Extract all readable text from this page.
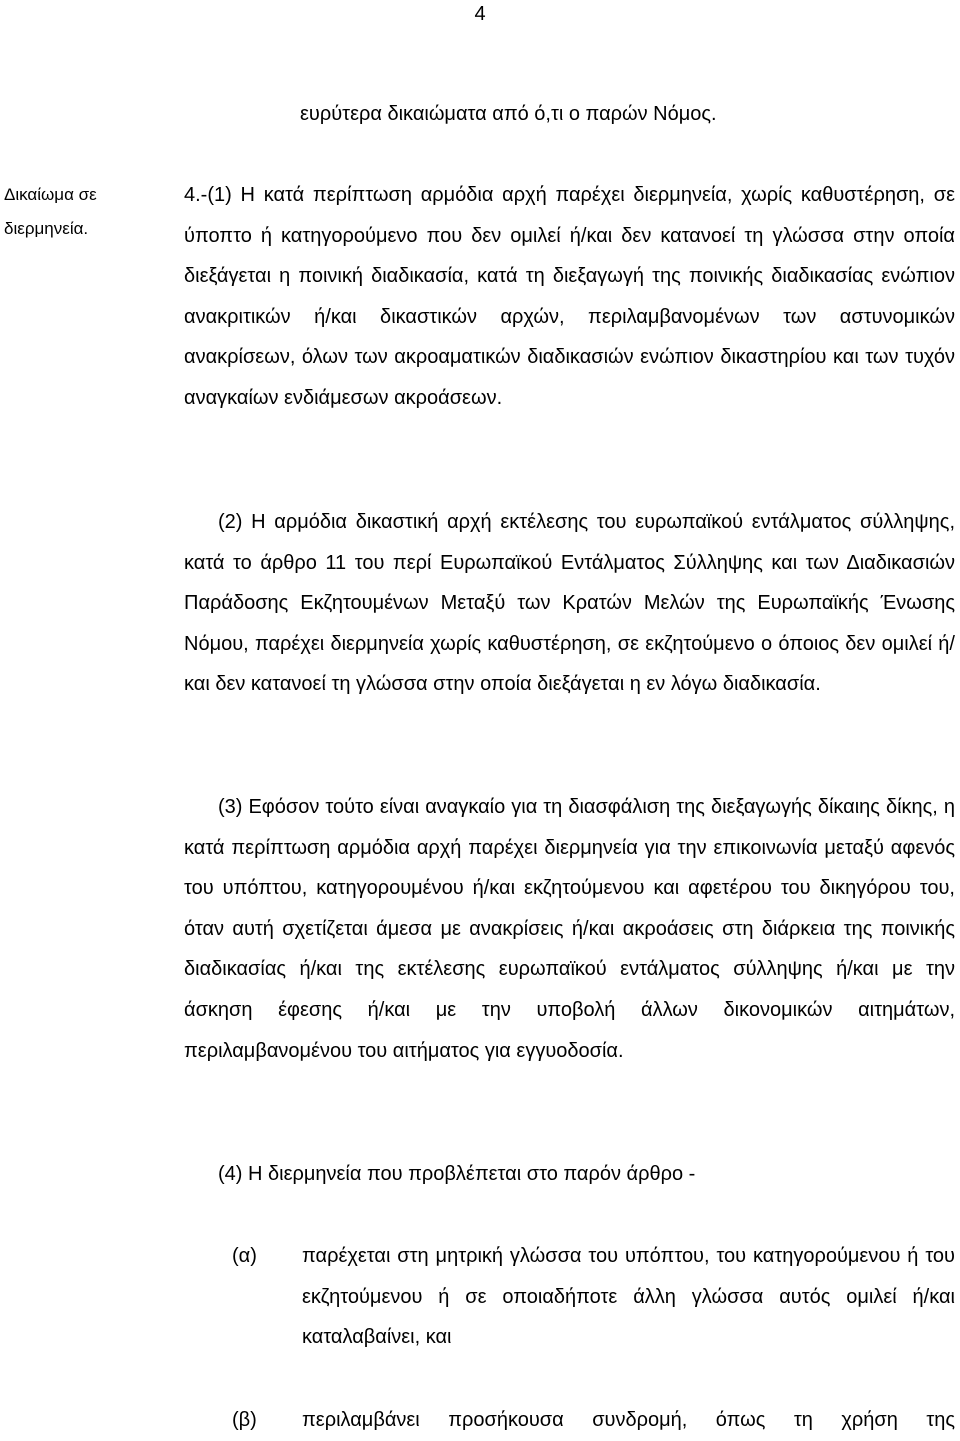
4
ευρύτερα δικαιώματα από ό,τι ο παρών Νόμος.
Δικαίωμα σε διερμηνεία.
4.-(1) Η κατά περίπτωση αρμόδια αρχή παρέχει διερμηνεία, χωρίς καθυστέρηση, σε ύποπτο ή κατηγορούμενο που δεν ομιλεί ή/και δεν κατανοεί τη γλώσσα στην οποία διεξάγεται η ποινική διαδικασία, κατά τη διεξαγωγή της ποινικής διαδικασίας ενώπιον ανακριτικών ή/και δικαστικών αρχών, περιλαμβανομένων των αστυνομικών ανακρίσεων, όλων των ακροαματικών διαδικασιών ενώπιον δικαστηρίου και των τυχόν αναγκαίων ενδιάμεσων ακροάσεων.
(2) Η αρμόδια δικαστική αρχή εκτέλεσης του ευρωπαϊκού εντάλματος σύλληψης, κατά το άρθρο 11 του περί Ευρωπαϊκού Εντάλματος Σύλληψης και των Διαδικασιών Παράδοσης Εκζητουμένων Μεταξύ των Κρατών Μελών της Ευρωπαϊκής Ένωσης Νόμου, παρέχει διερμηνεία χωρίς καθυστέρηση, σε εκζητούμενο ο όποιος δεν ομιλεί ή/και δεν κατανοεί τη γλώσσα στην οποία διεξάγεται η εν λόγω διαδικασία.
(3) Εφόσον τούτο είναι αναγκαίο για τη διασφάλιση της διεξαγωγής δίκαιης δίκης, η κατά περίπτωση αρμόδια αρχή παρέχει διερμηνεία για την επικοινωνία μεταξύ αφενός του υπόπτου, κατηγορουμένου ή/και εκζητούμενου και αφετέρου του δικηγόρου του, όταν αυτή σχετίζεται άμεσα με ανακρίσεις ή/και ακροάσεις στη διάρκεια της ποινικής διαδικασίας ή/και της εκτέλεσης ευρωπαϊκού εντάλματος σύλληψης ή/και με την άσκηση έφεσης ή/και με την υποβολή άλλων δικονομικών αιτημάτων, περιλαμβανομένου του αιτήματος για εγγυοδοσία.
(4) Η διερμηνεία που προβλέπεται στο παρόν άρθρο -
(α) παρέχεται στη μητρική γλώσσα του υπόπτου, του κατηγορούμενου ή του εκζητούμενου ή σε οποιαδήποτε άλλη γλώσσα αυτός ομιλεί ή/και καταλαβαίνει, και
(β) περιλαμβάνει προσήκουσα συνδρομή, όπως τη χρήση της
